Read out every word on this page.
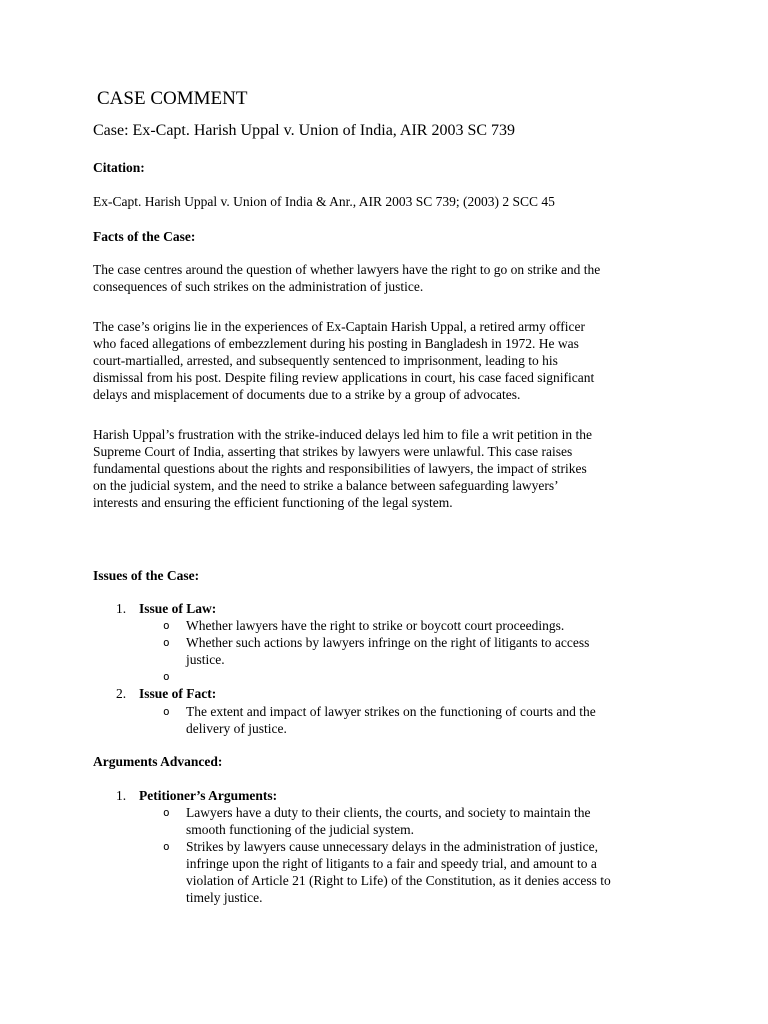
CASE COMMENT

Case: Ex-Capt. Harish Uppal v. Union of India, AIR 2003 SC 739

Citation:

Ex-Capt. Harish Uppal v. Union of India & Anr., AIR 2003 SC 739; (2003) 2 SCC 45

Facts of the Case:

The case centres around the question of whether lawyers have the right to go on strike and the
consequences of such strikes on the administration of justice.

The case’s origins lie in the experiences of Ex-Captain Harish Uppal, a retired army officer
who faced allegations of embezzlement during his posting in Bangladesh in 1972. He was
court-martialled, arrested, and subsequently sentenced to imprisonment, leading to his
dismissal from his post. Despite filing review applications in court, his case faced significant
delays and misplacement of documents due to a strike by a group of advocates.

Harish Uppal’s frustration with the strike-induced delays led him to file a writ petition in the
Supreme Court of India, asserting that strikes by lawyers were unlawful. This case raises
fundamental questions about the rights and responsibilities of lawyers, the impact of strikes
on the judicial system, and the need to strike a balance between safeguarding lawyers’
interests and ensuring the efficient functioning of the legal system.

Issues of the Case:

1. Issue of Law:
o Whether lawyers have the right to strike or boycott court proceedings.
o Whether such actions by lawyers infringe on the right of litigants to access
justice.
o
2. Issue of Fact:
o The extent and impact of lawyer strikes on the functioning of courts and the
delivery of justice.

Arguments Advanced:

1. Petitioner’s Arguments:
o Lawyers have a duty to their clients, the courts, and society to maintain the
smooth functioning of the judicial system.
o Strikes by lawyers cause unnecessary delays in the administration of justice,
infringe upon the right of litigants to a fair and speedy trial, and amount to a
violation of Article 21 (Right to Life) of the Constitution, as it denies access to
timely justice.
